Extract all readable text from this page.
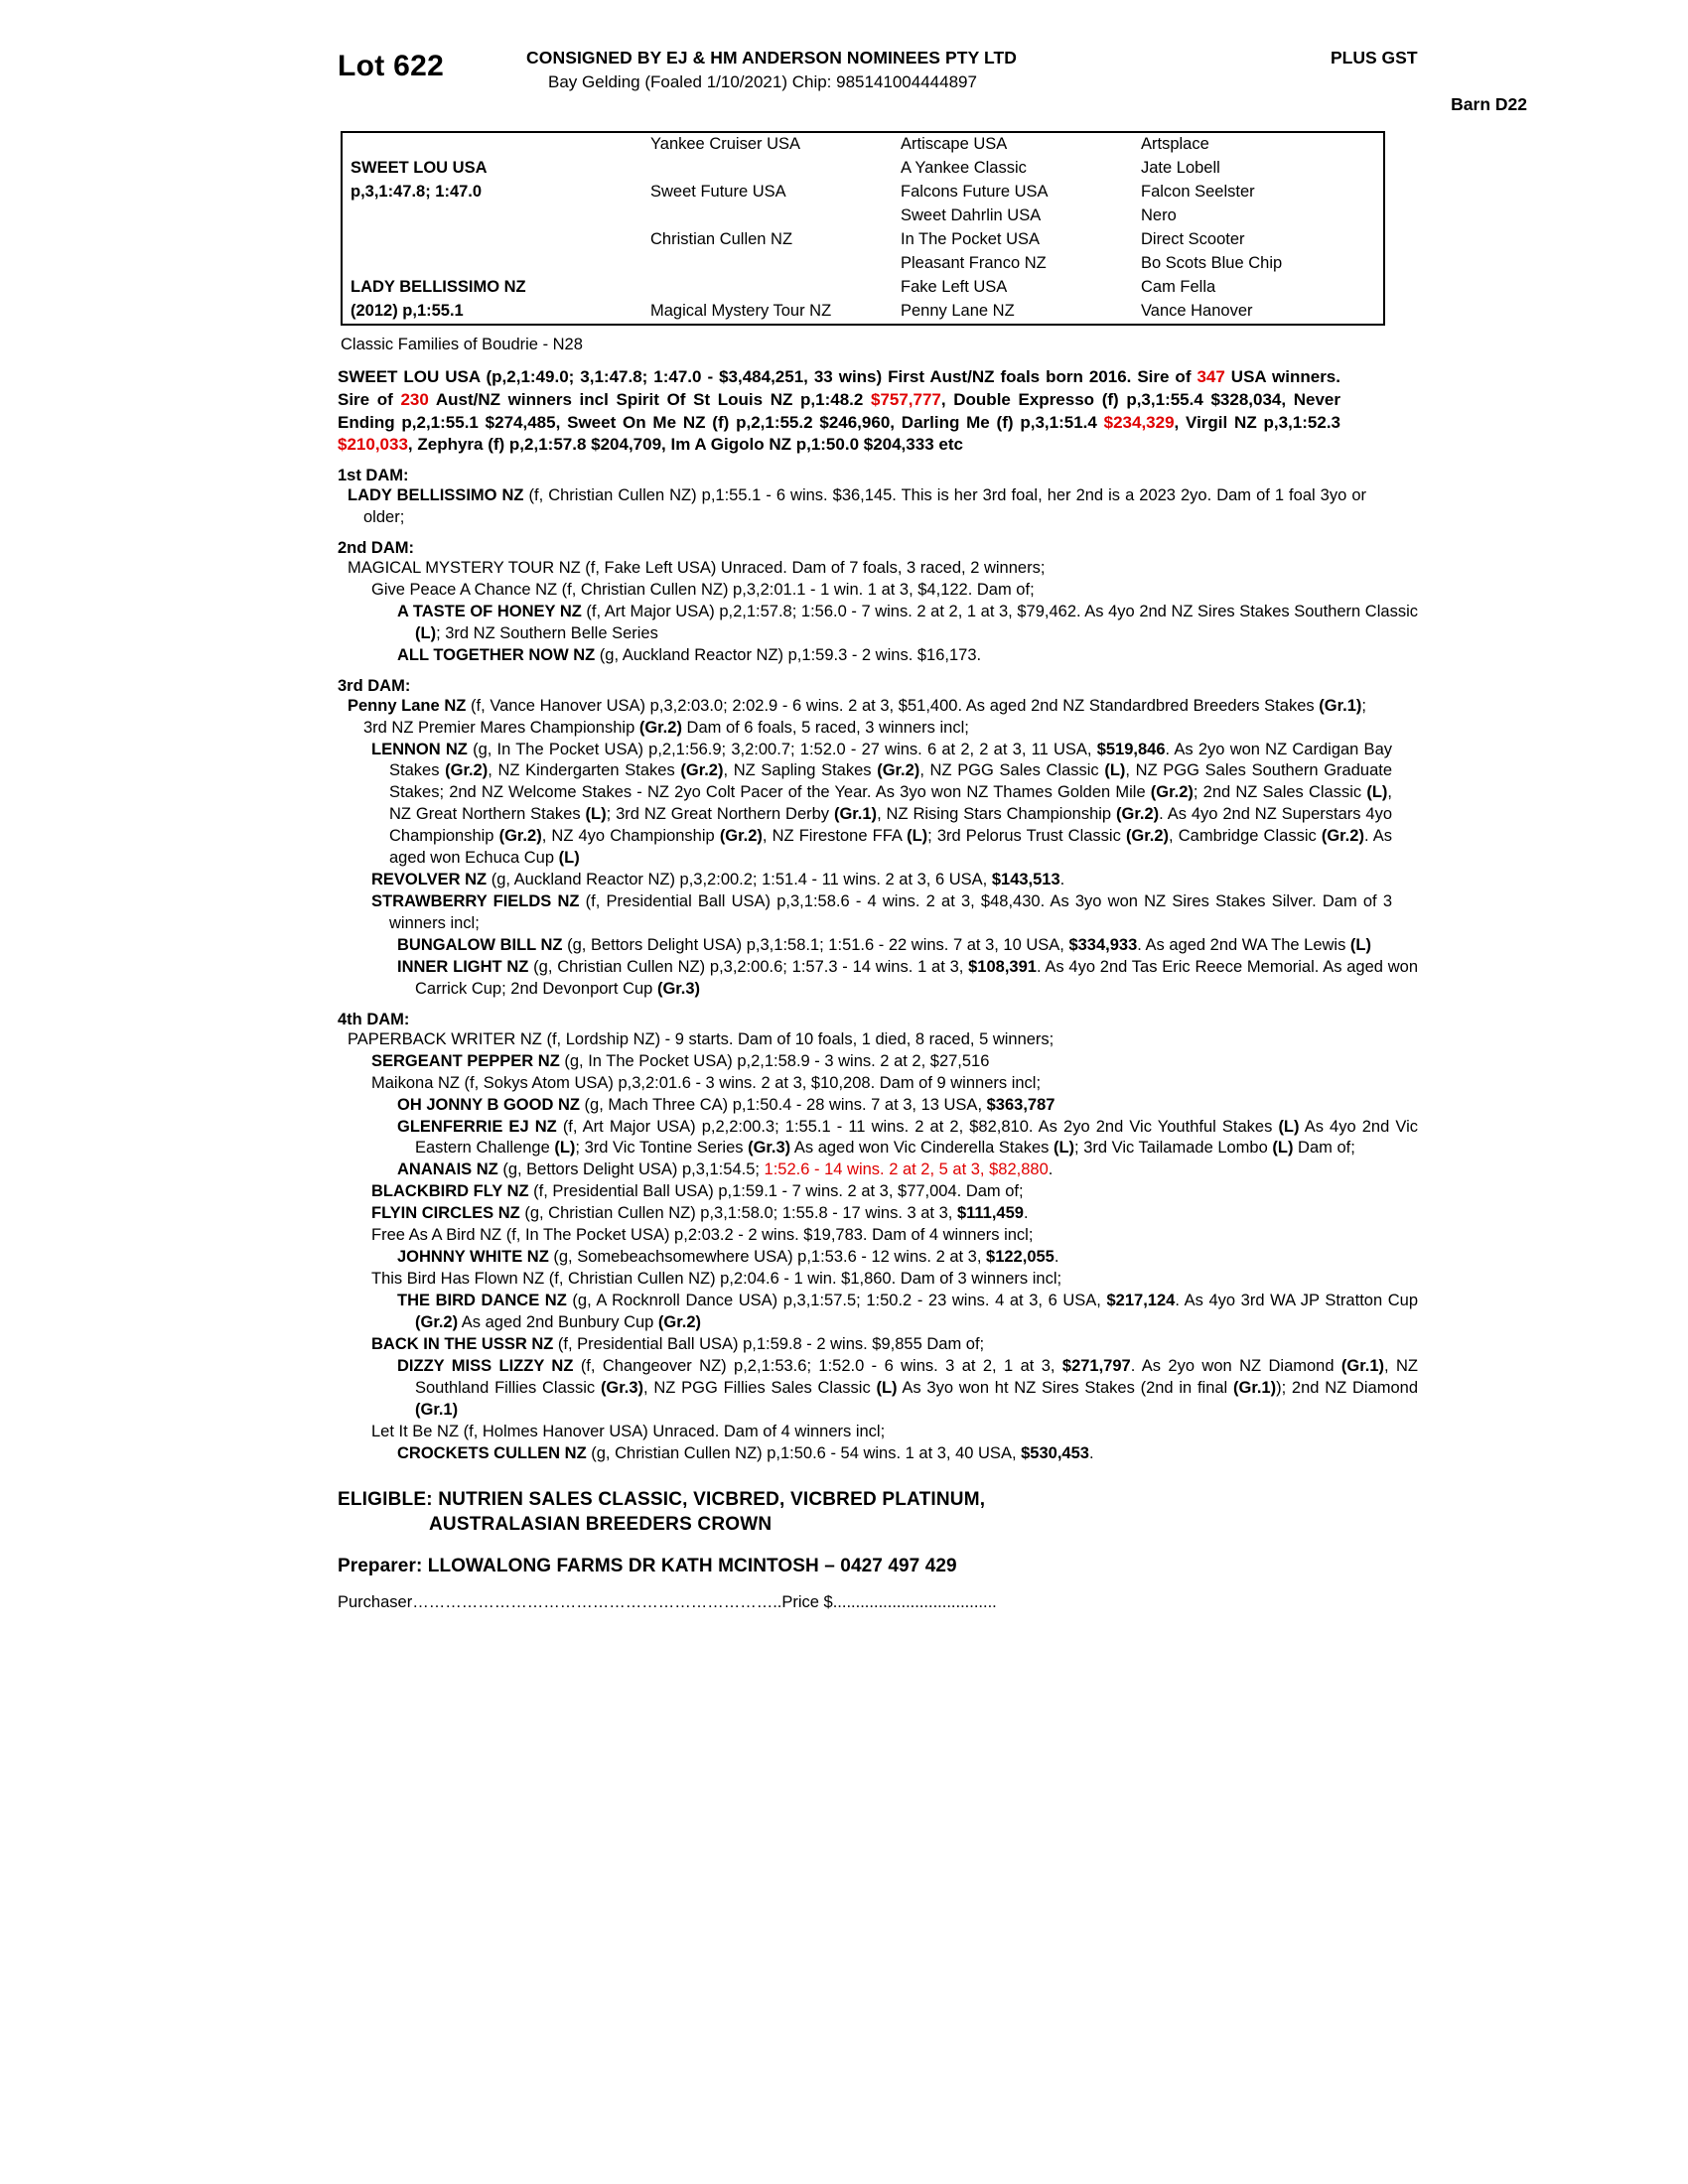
Lot 622	CONSIGNED BY EJ & HM ANDERSON NOMINEES PTY LTD
Bay Gelding (Foaled 1/10/2021) Chip: 985141004444897
PLUS GST
Barn D22
	Yankee Cruiser USA	Artiscape USA	Artsplace
SWEET LOU USA		A Yankee Classic	Jate Lobell
p,3,1:47.8; 1:47.0	Sweet Future USA	Falcons Future USA	Falcon Seelster
		Sweet Dahrlin USA	Nero
	Christian Cullen NZ	In The Pocket USA	Direct Scooter
		Pleasant Franco NZ	Bo Scots Blue Chip
LADY BELLISSIMO NZ		Fake Left USA	Cam Fella
(2012) p,1:55.1	Magical Mystery Tour NZ	Penny Lane NZ	Vance Hanover
Classic Families of Boudrie - N28
SWEET LOU USA (p,2,1:49.0; 3,1:47.8; 1:47.0 - $3,484,251, 33 wins) First Aust/NZ foals born 2016. Sire of 347 USA winners. Sire of 230 Aust/NZ winners incl Spirit Of St Louis NZ p,1:48.2 $757,777, Double Expresso (f) p,3,1:55.4 $328,034, Never Ending p,2,1:55.1 $274,485, Sweet On Me NZ (f) p,2,1:55.2 $246,960, Darling Me (f) p,3,1:51.4 $234,329, Virgil NZ p,3,1:52.3 $210,033, Zephyra (f) p,2,1:57.8 $204,709, Im A Gigolo NZ p,1:50.0 $204,333 etc
1st DAM:
LADY BELLISSIMO NZ (f, Christian Cullen NZ) p,1:55.1 - 6 wins. $36,145. This is her 3rd foal, her 2nd is a 2023 2yo. Dam of 1 foal 3yo or older;
2nd DAM:
MAGICAL MYSTERY TOUR NZ (f, Fake Left USA) Unraced. Dam of 7 foals, 3 raced, 2 winners;
Give Peace A Chance NZ (f, Christian Cullen NZ) p,3,2:01.1 - 1 win. 1 at 3, $4,122. Dam of;
A TASTE OF HONEY NZ (f, Art Major USA) p,2,1:57.8; 1:56.0 - 7 wins. 2 at 2, 1 at 3, $79,462. As 4yo 2nd NZ Sires Stakes Southern Classic (L); 3rd NZ Southern Belle Series
ALL TOGETHER NOW NZ (g, Auckland Reactor NZ) p,1:59.3 - 2 wins. $16,173.
3rd DAM:
Penny Lane NZ (f, Vance Hanover USA) p,3,2:03.0; 2:02.9 - 6 wins. 2 at 3, $51,400. As aged 2nd NZ Standardbred Breeders Stakes (Gr.1); 3rd NZ Premier Mares Championship (Gr.2) Dam of 6 foals, 5 raced, 3 winners incl;
LENNON NZ (g, In The Pocket USA) p,2,1:56.9; 3,2:00.7; 1:52.0 - 27 wins. 6 at 2, 2 at 3, 11 USA, $519,846. As 2yo won NZ Cardigan Bay Stakes (Gr.2), NZ Kindergarten Stakes (Gr.2), NZ Sapling Stakes (Gr.2), NZ PGG Sales Classic (L), NZ PGG Sales Southern Graduate Stakes; 2nd NZ Welcome Stakes - NZ 2yo Colt Pacer of the Year. As 3yo won NZ Thames Golden Mile (Gr.2); 2nd NZ Sales Classic (L), NZ Great Northern Stakes (L); 3rd NZ Great Northern Derby (Gr.1), NZ Rising Stars Championship (Gr.2). As 4yo 2nd NZ Superstars 4yo Championship (Gr.2), NZ 4yo Championship (Gr.2), NZ Firestone FFA (L); 3rd Pelorus Trust Classic (Gr.2), Cambridge Classic (Gr.2). As aged won Echuca Cup (L)
REVOLVER NZ (g, Auckland Reactor NZ) p,3,2:00.2; 1:51.4 - 11 wins. 2 at 3, 6 USA, $143,513.
STRAWBERRY FIELDS NZ (f, Presidential Ball USA) p,3,1:58.6 - 4 wins. 2 at 3, $48,430. As 3yo won NZ Sires Stakes Silver. Dam of 3 winners incl;
BUNGALOW BILL NZ (g, Bettors Delight USA) p,3,1:58.1; 1:51.6 - 22 wins. 7 at 3, 10 USA, $334,933. As aged 2nd WA The Lewis (L)
INNER LIGHT NZ (g, Christian Cullen NZ) p,3,2:00.6; 1:57.3 - 14 wins. 1 at 3, $108,391. As 4yo 2nd Tas Eric Reece Memorial. As aged won Carrick Cup; 2nd Devonport Cup (Gr.3)
4th DAM:
PAPERBACK WRITER NZ (f, Lordship NZ) - 9 starts. Dam of 10 foals, 1 died, 8 raced, 5 winners;
SERGEANT PEPPER NZ (g, In The Pocket USA) p,2,1:58.9 - 3 wins. 2 at 2, $27,516
Maikona NZ (f, Sokys Atom USA) p,3,2:01.6 - 3 wins. 2 at 3, $10,208. Dam of 9 winners incl;
OH JONNY B GOOD NZ (g, Mach Three CA) p,1:50.4 - 28 wins. 7 at 3, 13 USA, $363,787
GLENFERRIE EJ NZ (f, Art Major USA) p,2,2:00.3; 1:55.1 - 11 wins. 2 at 2, $82,810. As 2yo 2nd Vic Youthful Stakes (L) As 4yo 2nd Vic Eastern Challenge (L); 3rd Vic Tontine Series (Gr.3) As aged won Vic Cinderella Stakes (L); 3rd Vic Tailamade Lombo (L) Dam of;
ANANAIS NZ (g, Bettors Delight USA) p,3,1:54.5; 1:52.6 - 14 wins. 2 at 2, 5 at 3, $82,880.
BLACKBIRD FLY NZ (f, Presidential Ball USA) p,1:59.1 - 7 wins. 2 at 3, $77,004. Dam of;
FLYIN CIRCLES NZ (g, Christian Cullen NZ) p,3,1:58.0; 1:55.8 - 17 wins. 3 at 3, $111,459.
Free As A Bird NZ (f, In The Pocket USA) p,2:03.2 - 2 wins. $19,783. Dam of 4 winners incl;
JOHNNY WHITE NZ (g, Somebeachsomewhere USA) p,1:53.6 - 12 wins. 2 at 3, $122,055.
This Bird Has Flown NZ (f, Christian Cullen NZ) p,2:04.6 - 1 win. $1,860. Dam of 3 winners incl;
THE BIRD DANCE NZ (g, A Rocknroll Dance USA) p,3,1:57.5; 1:50.2 - 23 wins. 4 at 3, 6 USA, $217,124. As 4yo 3rd WA JP Stratton Cup (Gr.2) As aged 2nd Bunbury Cup (Gr.2)
BACK IN THE USSR NZ (f, Presidential Ball USA) p,1:59.8 - 2 wins. $9,855 Dam of;
DIZZY MISS LIZZY NZ (f, Changeover NZ) p,2,1:53.6; 1:52.0 - 6 wins. 3 at 2, 1 at 3, $271,797. As 2yo won NZ Diamond (Gr.1), NZ Southland Fillies Classic (Gr.3), NZ PGG Fillies Sales Classic (L) As 3yo won ht NZ Sires Stakes (2nd in final (Gr.1)); 2nd NZ Diamond (Gr.1)
Let It Be NZ (f, Holmes Hanover USA) Unraced. Dam of 4 winners incl;
CROCKETS CULLEN NZ (g, Christian Cullen NZ) p,1:50.6 - 54 wins. 1 at 3, 40 USA, $530,453.
ELIGIBLE: NUTRIEN SALES CLASSIC, VICBRED, VICBRED PLATINUM,
AUSTRALASIAN BREEDERS CROWN
Preparer: LLOWALONG FARMS DR KATH MCINTOSH – 0427 497 429
Purchaser…………………………………………………………..Price $....................................
